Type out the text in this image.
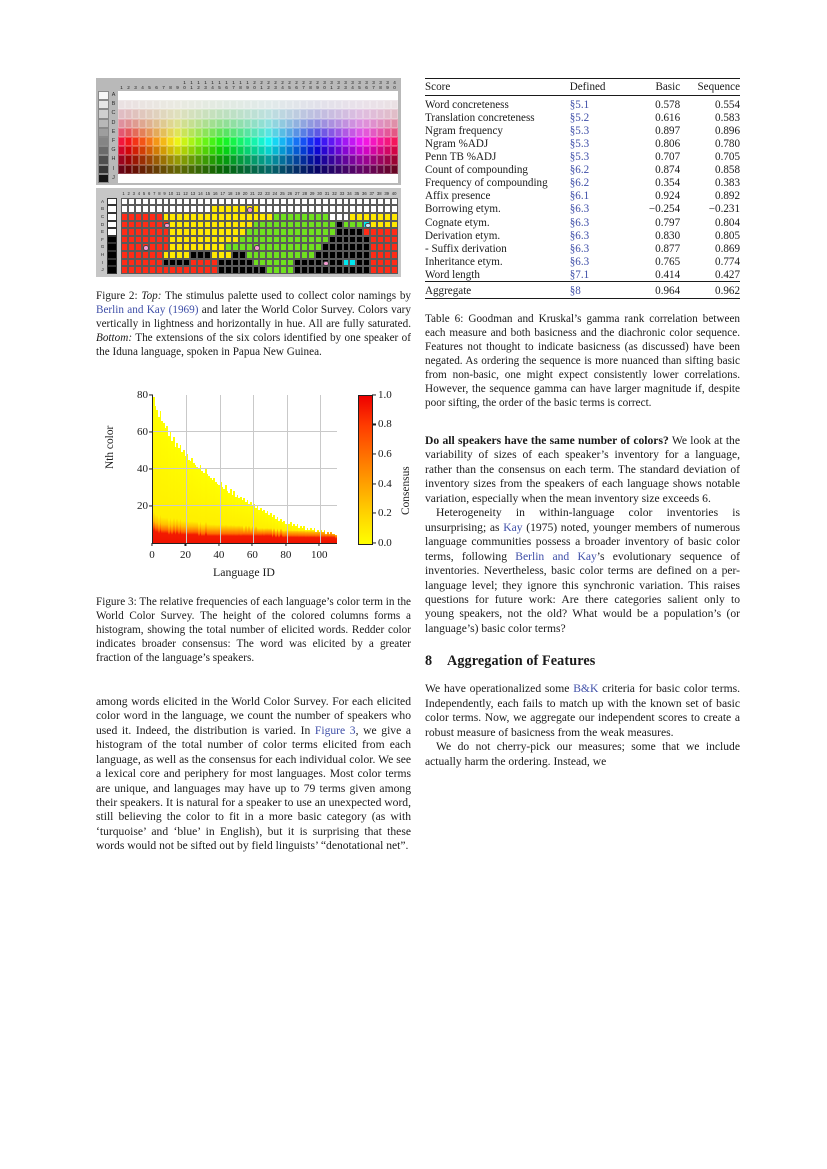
1
2
3
4
5
6
7
8
9
1
0
1
1
1
2
1
3
1
4
1
5
1
6
1
7
1
8
1
9
2
0
2
1
2
2
2
3
2
4
2
5
2
6
2
7
2
8
2
9
3
0
3
1
3
2
3
3
3
4
3
5
3
6
3
7
3
8
3
9
4
0
A
B
C
D
E
F
G
H
I
J
1 2 3 4 5 6 7 8 9 10 11 12 13 14 15 16 17 18 19 20 21 22 23 24 25 26 27 28 29 30 31 32 33 34 35 36 37 38 39 40
A
B
C
D
E
F
G
H
I
J

Figure 2: Top: The stimulus palette used to collect color namings by Berlin and Kay (1969) and later the World Color Survey. Colors vary vertically in lightness and horizontally in hue. All are fully saturated. Bottom: The extensions of the six colors identified by one speaker of the Iduna language, spoken in Papua New Guinea.

Nth color
20
40
60
80
0 20 40 60 80 100
Language ID
0.0
0.2
0.4
0.6
0.8
1.0
Consensus

Figure 3: The relative frequencies of each language’s color term in the World Color Survey. The height of the colored columns forms a histogram, showing the total number of elicited words. Redder color indicates broader consensus: The word was elicited by a greater fraction of the language’s speakers.

among words elicited in the World Color Survey. For each elicited color word in the language, we count the number of speakers who used it. Indeed, the distribution is varied. In Figure 3, we give a histogram of the total number of color terms elicited from each language, as well as the consensus for each individual color. We see a lexical core and periphery for most languages. Most color terms are unique, and languages may have up to 79 terms given among their speakers. It is natural for a speaker to use an unexpected word, still believing the color to fit in a more basic category (as with ‘turquoise’ and ‘blue’ in English), but it is surprising that these words would not be sifted out by field linguists’ “denotational net”.

Score	Defined	Basic	Sequence
Word concreteness	§5.1	0.578	0.554
Translation concreteness	§5.2	0.616	0.583
Ngram frequency	§5.3	0.897	0.896
Ngram %ADJ	§5.3	0.806	0.780
Penn TB %ADJ	§5.3	0.707	0.705
Count of compounding	§6.2	0.874	0.858
Frequency of compounding	§6.2	0.354	0.383
Affix presence	§6.1	0.924	0.892
Borrowing etym.	§6.3	−0.254	−0.231
Cognate etym.	§6.3	0.797	0.804
Derivation etym.	§6.3	0.830	0.805
- Suffix derivation	§6.3	0.877	0.869
Inheritance etym.	§6.3	0.765	0.774
Word length	§7.1	0.414	0.427
Aggregate	§8	0.964	0.962

Table 6: Goodman and Kruskal’s gamma rank correlation between each measure and both basicness and the diachronic color sequence. Features not thought to indicate basicness (as discussed) have been negated. As ordering the sequence is more nuanced than sifting basic from non-basic, one might expect consistently lower correlations. However, the sequence gamma can have larger magnitude if, despite poor sifting, the order of the basic terms is correct.

Do all speakers have the same number of colors? We look at the variability of sizes of each speaker’s inventory for a language, rather than the consensus on each term. The standard deviation of inventory sizes from the speakers of each language shows notable variation, especially when the mean inventory size exceeds 6.

Heterogeneity in within-language color inventories is unsurprising; as Kay (1975) noted, younger members of numerous language communities possess a broader inventory of basic color terms, following Berlin and Kay’s evolutionary sequence of inventories. Nevertheless, basic color terms are defined on a per-language level; they ignore this synchronic variation. This raises questions for future work: Are there categories salient only to young speakers, not the old? What would be a population’s (or language’s) basic color terms?

8 Aggregation of Features

We have operationalized some B&K criteria for basic color terms. Independently, each fails to match up with the known set of basic color terms. Now, we aggregate our independent scores to create a robust measure of basicness from the weak measures.

We do not cherry-pick our measures; some that we include actually harm the ordering. Instead, we
